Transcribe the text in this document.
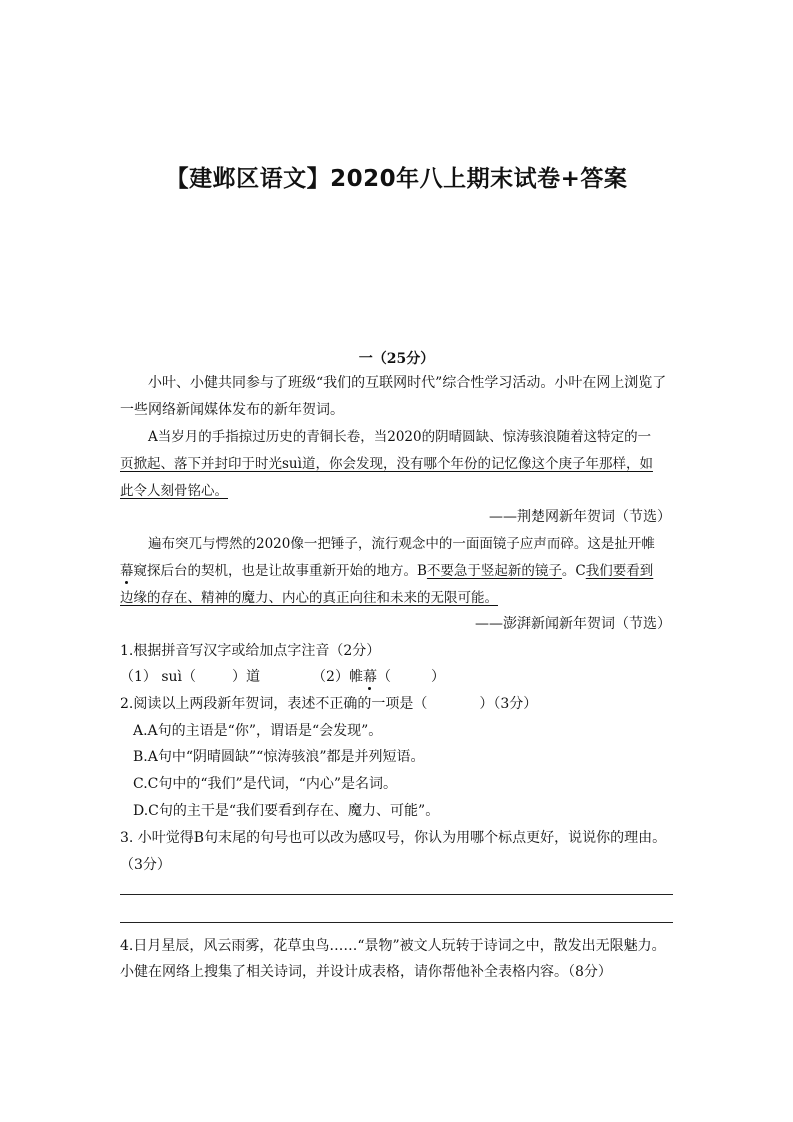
【建邺区语文】2020年八上期末试卷+答案
一（25分）
小叶、小健共同参与了班级“我们的互联网时代”综合性学习活动。小叶在网上浏览了
一些网络新闻媒体发布的新年贺词。
A当岁月的手指掠过历史的青铜长卷，当2020的阴晴圆缺、惊涛骇浪随着这特定的一
页掀起、落下并封印于时光suì道，你会发现，没有哪个年份的记忆像这个庚子年那样，如
此令人刻骨铭心。
——荆楚网新年贺词（节选）
遍布突兀与愕然的2020像一把锤子，流行观念中的一面面镜子应声而碎。这是扯开帷
幕窥探后台的契机，也是让故事重新开始的地方。B不要急于竖起新的镜子。C我们要看到
边缘的存在、精神的魔力、内心的真正向往和未来的无限可能。
——澎湃新闻新年贺词（节选）
1.根据拼音写汉字或给加点字注音（2分）
（1） suì（	）道	（2）帷幕（	）
2.阅读以上两段新年贺词，表述不正确的一项是（	）（3分）
A.A句的主语是“你”，谓语是“会发现”。
B.A句中“阴晴圆缺”“惊涛骇浪”都是并列短语。
C.C句中的“我们”是代词，“内心”是名词。
D.C句的主干是“我们要看到存在、魔力、可能”。
3. 小叶觉得B句末尾的句号也可以改为感叹号，你认为用哪个标点更好，说说你的理由。
（3分）
4.日月星辰，风云雨雾，花草虫鸟……“景物”被文人玩转于诗词之中，散发出无限魅力。
小健在网络上搜集了相关诗词，并设计成表格，请你帮他补全表格内容。（8分）
